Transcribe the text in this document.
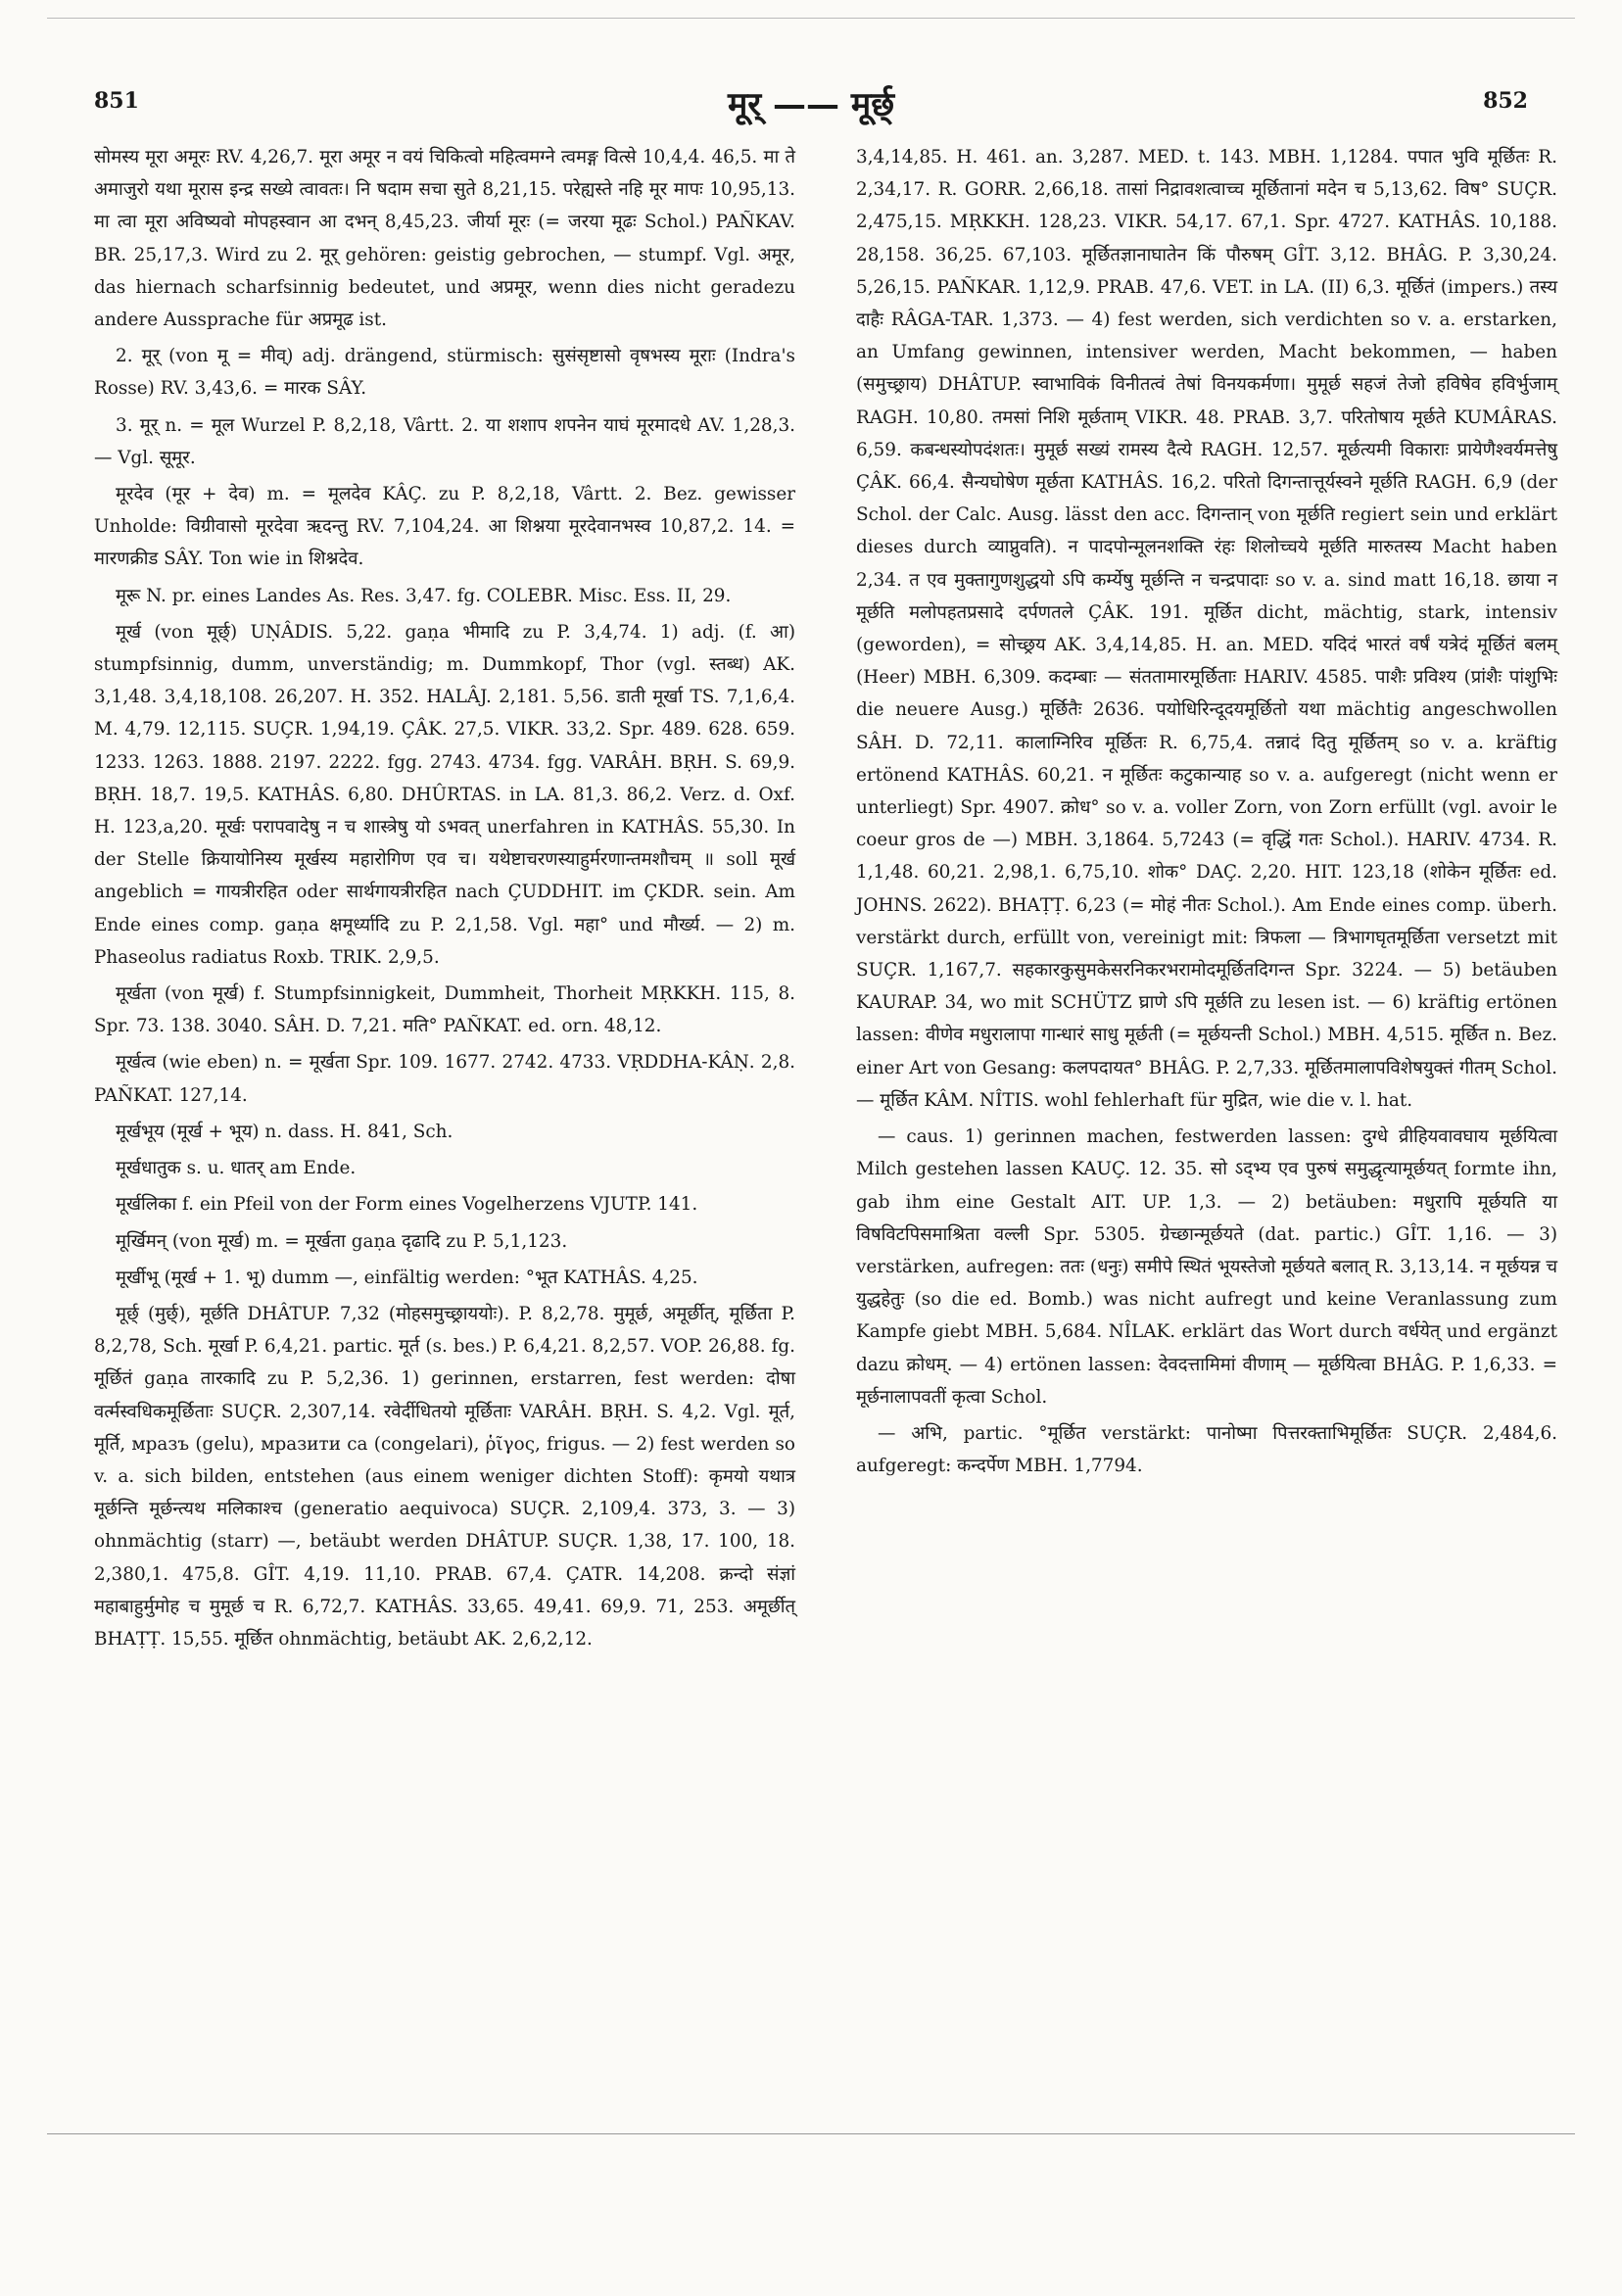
851	मूर् —— मूर्छ्	852

सोमस्य मूरा अमूरः RV. 4,26,7. मूरा अमूर न वयं चिकित्वो महित्वमग्ने त्वमङ्ग वित्से 10,4,4. 46,5. मा ते अमाजुरो यथा मूरास इन्द्र सख्ये त्वावतः। नि षदाम सचा सुते 8,21,15. परेह्यस्ते नहि मूर मापः 10,95,13. मा त्वा मूरा अविष्यवो मोपहस्वान आ दभन् 8,45,23. जीर्या मूरः (= जरया मूढः Schol.) PAÑKAV. BR. 25,17,3. Wird zu 2. मूर् gehören: geistig gebrochen, — stumpf. Vgl. अमूर, das hiernach scharfsinnig bedeutet, und अप्रमूर, wenn dies nicht geradezu andere Aussprache für अप्रमूढ ist.

2. मूर् (von मू = मीव्) adj. drängend, stürmisch: सुसंसृष्टासो वृषभस्य मूराः (Indra's Rosse) RV. 3,43,6. = मारक SÂY.

3. मूर् n. = मूल Wurzel P. 8,2,18, Vârtt. 2. या शशाप शपनेन याघं मूरमादधे AV. 1,28,3. — Vgl. सूमूर.

मूरदेव (मूर + देव) m. = मूलदेव KÂÇ. zu P. 8,2,18, Vârtt. 2. Bez. gewisser Unholde: विग्रीवासो मूरदेवा ऋदन्तु RV. 7,104,24. आ शिश्नया मूरदेवानभस्व 10,87,2. 14. = मारणक्रीड SÂY. Ton wie in शिश्नदेव.

मूरू N. pr. eines Landes As. Res. 3,47. fg. COLEBR. Misc. Ess. II, 29.

मूर्ख (von मूर्छ्) UṆÂDIS. 5,22. gaṇa भीमादि zu P. 3,4,74. 1) adj. (f. आ) stumpfsinnig, dumm, unverständig; m. Dummkopf, Thor (vgl. स्तब्ध) AK. 3,1,48. 3,4,18,108. 26,207. H. 352. HALÂJ. 2,181. 5,56. डाती मूर्खा TS. 7,1,6,4. M. 4,79. 12,115. SUÇR. 1,94,19. ÇÂK. 27,5. VIKR. 33,2. Spr. 489. 628. 659. 1233. 1263. 1888. 2197. 2222. fgg. 2743. 4734. fgg. VARÂH. BṚH. S. 69,9. BṚH. 18,7. 19,5. KATHÂS. 6,80. DHÛRTAS. in LA. 81,3. 86,2. Verz. d. Oxf. H. 123,a,20. मूर्खः परापवादेषु न च शास्त्रेषु यो ऽभवत् unerfahren in KATHÂS. 55,30. In der Stelle क्रियायोनिस्य मूर्खस्य महारोगिण एव च। यथेष्टाचरणस्याहुर्मरणान्तमशौचम् ॥ soll मूर्ख angeblich = गायत्रीरहित oder सार्थगायत्रीरहित nach ÇUDDHIT. im ÇKDR. sein. Am Ende eines comp. gaṇa क्षमूर्ध्यादि zu P. 2,1,58. Vgl. महा° und मौर्ख्य. — 2) m. Phaseolus radiatus Roxb. TRIK. 2,9,5.

मूर्खता (von मूर्ख) f. Stumpfsinnigkeit, Dummheit, Thorheit MṚKKH. 115, 8. Spr. 73. 138. 3040. SÂH. D. 7,21. मति° PAÑKAT. ed. orn. 48,12.

मूर्खत्व (wie eben) n. = मूर्खता Spr. 109. 1677. 2742. 4733. VṚDDHA-KÂṆ. 2,8. PAÑKAT. 127,14.

मूर्खभूय (मूर्ख + भूय) n. dass. H. 841, Sch.

मूर्खधातुक s. u. धातर् am Ende.

मूर्खलिका f. ein Pfeil von der Form eines Vogelherzens VJUTP. 141.

मूर्खिमन् (von मूर्ख) m. = मूर्खता gaṇa दृढादि zu P. 5,1,123.

मूर्खीभू (मूर्ख + 1. भू) dumm —, einfältig werden: °भूत KATHÂS. 4,25.

मूर्छ् (मुर्छ्), मूर्छति DHÂTUP. 7,32 (मोहसमुच्छ्राययोः). P. 8,2,78. मुमूर्छ, अमूर्छीत्, मूर्छिता P. 8,2,78, Sch. मूर्खा P. 6,4,21. partic. मूर्त (s. bes.) P. 6,4,21. 8,2,57. VOP. 26,88. fg. मूर्छितं gaṇa तारकादि zu P. 5,2,36. 1) gerinnen, erstarren, fest werden: दोषा वर्त्मस्वधिकमूर्छिताः SUÇR. 2,307,14. रवेर्दीधितयो मूर्छिताः VARÂH. BṚH. S. 4,2. Vgl. मूर्त, मूर्ति, мразъ (gelu), мразити са (congelari), ῥῖγος, frigus. — 2) fest werden so v. a. sich bilden, entstehen (aus einem weniger dichten Stoff): कृमयो यथात्र मूर्छन्ति मूर्छन्त्यथ मलिकाश्च (generatio aequivoca) SUÇR. 2,109,4. 373, 3. — 3) ohnmächtig (starr) —, betäubt werden DHÂTUP. SUÇR. 1,38, 17. 100, 18. 2,380,1. 475,8. GÎT. 4,19. 11,10. PRAB. 67,4. ÇATR. 14,208. क्रन्दो संज्ञां महाबाहुर्मुमोह च मुमूर्छ च R. 6,72,7. KATHÂS. 33,65. 49,41. 69,9. 71, 253. अमूर्छीत् BHAṬṬ. 15,55. मूर्छित ohnmächtig, betäubt AK. 2,6,2,12.

3,4,14,85. H. 461. an. 3,287. MED. t. 143. MBH. 1,1284. पपात भुवि मूर्छितः R. 2,34,17. R. GORR. 2,66,18. तासां निद्रावशत्वाच्च मूर्छितानां मदेन च 5,13,62. विष° SUÇR. 2,475,15. MṚKKH. 128,23. VIKR. 54,17. 67,1. Spr. 4727. KATHÂS. 10,188. 28,158. 36,25. 67,103. मूर्छितज्ञानाघातेन किं पौरुषम् GÎT. 3,12. BHÂG. P. 3,30,24. 5,26,15. PAÑKAR. 1,12,9. PRAB. 47,6. VET. in LA. (II) 6,3. मूर्छितं (impers.) तस्य दाहैः RÂGA-TAR. 1,373. — 4) fest werden, sich verdichten so v. a. erstarken, an Umfang gewinnen, intensiver werden, Macht bekommen, — haben (समुच्छ्राय) DHÂTUP. स्वाभाविकं विनीतत्वं तेषां विनयकर्मणा। मुमूर्छ सहजं तेजो हविषेव हविर्भुजाम् RAGH. 10,80. तमसां निशि मूर्छताम् VIKR. 48. PRAB. 3,7. परितोषाय मूर्छते KUMÂRAS. 6,59. कबन्धस्योपदंशतः। मुमूर्छ सख्यं रामस्य दैत्ये RAGH. 12,57. मूर्छत्यमी विकाराः प्रायेणैश्वर्यमत्तेषु ÇÂK. 66,4. सैन्यघोषेण मूर्छता KATHÂS. 16,2. परितो दिगन्तात्तूर्यस्वने मूर्छति RAGH. 6,9 (der Schol. der Calc. Ausg. lässt den acc. दिगन्तान् von मूर्छति regiert sein und erklärt dieses durch व्याप्नुवति). न पादपोन्मूलनशक्ति रंहः शिलोच्चये मूर्छति मारुतस्य Macht haben 2,34. त एव मुक्तागुणशुद्धयो ऽपि कर्म्येषु मूर्छन्ति न चन्द्रपादाः so v. a. sind matt 16,18. छाया न मूर्छति मलोपहतप्रसादे दर्पणतले ÇÂK. 191. मूर्छित dicht, mächtig, stark, intensiv (geworden), = सोच्छ्रय AK. 3,4,14,85. H. an. MED. यदिदं भारतं वर्षं यत्रेदं मूर्छितं बलम् (Heer) MBH. 6,309. कदम्बाः — संततामारमूर्छिताः HARIV. 4585. पाशैः प्रविश्य (प्रांशैः पांशुभिः die neuere Ausg.) मूर्छितैः 2636. पयोधिरिन्दूदयमूर्छितो यथा mächtig angeschwollen SÂH. D. 72,11. कालाग्निरिव मूर्छितः R. 6,75,4. तन्नादं दितु मूर्छितम् so v. a. kräftig ertönend KATHÂS. 60,21. न मूर्छितः कटुकान्याह so v. a. aufgeregt (nicht wenn er unterliegt) Spr. 4907. क्रोध° so v. a. voller Zorn, von Zorn erfüllt (vgl. avoir le coeur gros de —) MBH. 3,1864. 5,7243 (= वृद्धिं गतः Schol.). HARIV. 4734. R. 1,1,48. 60,21. 2,98,1. 6,75,10. शोक° DAÇ. 2,20. HIT. 123,18 (शोकेन मूर्छितः ed. JOHNS. 2622). BHAṬṬ. 6,23 (= मोहं नीतः Schol.). Am Ende eines comp. überh. verstärkt durch, erfüllt von, vereinigt mit: त्रिफला — त्रिभागघृतमूर्छिता versetzt mit SUÇR. 1,167,7. सहकारकुसुमकेसरनिकरभरामोदमूर्छितदिगन्त Spr. 3224. — 5) betäuben KAURAP. 34, wo mit SCHÜTZ घ्राणे ऽपि मूर्छति zu lesen ist. — 6) kräftig ertönen lassen: वीणेव मधुरालापा गान्धारं साधु मूर्छती (= मूर्छयन्ती Schol.) MBH. 4,515. मूर्छित n. Bez. einer Art von Gesang: कलपदायत° BHÂG. P. 2,7,33. मूर्छितमालापविशेषयुक्तं गीतम् Schol. — मूर्छित KÂM. NÎTIS. wohl fehlerhaft für मुद्रित, wie die v. l. hat.

— caus. 1) gerinnen machen, festwerden lassen: दुग्धे व्रीहियवावघाय मूर्छयित्वा Milch gestehen lassen KAUÇ. 12. 35. सो ऽद्भ्य एव पुरुषं समुद्धृत्यामूर्छयत् formte ihn, gab ihm eine Gestalt AIT. UP. 1,3. — 2) betäuben: मधुरापि मूर्छयति या विषविटपिसमाश्रिता वल्ली Spr. 5305. ग्रेच्छान्मूर्छयते (dat. partic.) GÎT. 1,16. — 3) verstärken, aufregen: ततः (धनुः) समीपे स्थितं भूयस्तेजो मूर्छयते बलात् R. 3,13,14. न मूर्छयन्न च युद्धहेतुः (so die ed. Bomb.) was nicht aufregt und keine Veranlassung zum Kampfe giebt MBH. 5,684. NÎLAK. erklärt das Wort durch वर्धयेत् und ergänzt dazu क्रोधम्. — 4) ertönen lassen: देवदत्तामिमां वीणाम् — मूर्छयित्वा BHÂG. P. 1,6,33. = मूर्छनालापवतीं कृत्वा Schol.

— अभि, partic. °मूर्छित verstärkt: पानोष्मा पित्तरक्ताभिमूर्छितः SUÇR. 2,484,6. aufgeregt: कन्दर्पेण MBH. 1,7794.
